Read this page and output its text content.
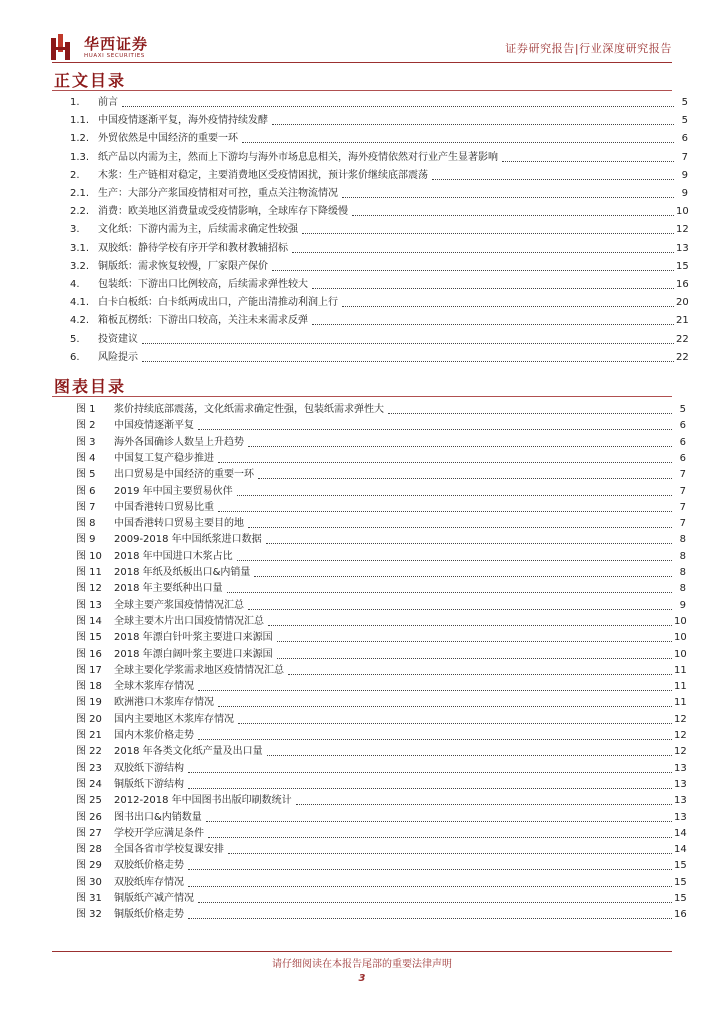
华西证券
HUAXI SECURITIES
证券研究报告|行业深度研究报告
正文目录
1.	前言	5
1.1. 中国疫情逐渐平复，海外疫情持续发酵	5
1.2. 外贸依然是中国经济的重要一环	6
1.3. 纸产品以内需为主，然而上下游均与海外市场息息相关，海外疫情依然对行业产生显著影响	7
2.	木浆：生产链相对稳定，主要消费地区受疫情困扰，预计浆价继续底部震荡	9
2.1. 生产：大部分产浆国疫情相对可控，重点关注物流情况	9
2.2. 消费：欧美地区消费量或受疫情影响，全球库存下降缓慢	10
3.	文化纸：下游内需为主，后续需求确定性较强	12
3.1. 双胶纸：静待学校有序开学和教材教辅招标	13
3.2. 铜版纸：需求恢复较慢，厂家限产保价	15
4.	包装纸：下游出口比例较高，后续需求弹性较大	16
4.1. 白卡白板纸：白卡纸两成出口，产能出清推动利润上行	20
4.2. 箱板瓦楞纸：下游出口较高，关注未来需求反弹	21
5.	投资建议	22
6.	风险提示	22
图表目录
图 1	浆价持续底部震荡，文化纸需求确定性强，包装纸需求弹性大	5
图 2	中国疫情逐渐平复	6
图 3	海外各国确诊人数呈上升趋势	6
图 4	中国复工复产稳步推进	6
图 5	出口贸易是中国经济的重要一环	7
图 6	2019 年中国主要贸易伙伴	7
图 7	中国香港转口贸易比重	7
图 8	中国香港转口贸易主要目的地	7
图 9	2009-2018 年中国纸浆进口数据	8
图 10	2018 年中国进口木浆占比	8
图 11	2018 年纸及纸板出口&内销量	8
图 12	2018 年主要纸种出口量	8
图 13	全球主要产浆国疫情情况汇总	9
图 14	全球主要木片出口国疫情情况汇总	10
图 15	2018 年漂白针叶浆主要进口来源国	10
图 16	2018 年漂白阔叶浆主要进口来源国	10
图 17	全球主要化学浆需求地区疫情情况汇总	11
图 18	全球木浆库存情况	11
图 19	欧洲港口木浆库存情况	11
图 20	国内主要地区木浆库存情况	12
图 21	国内木浆价格走势	12
图 22	2018 年各类文化纸产量及出口量	12
图 23	双胶纸下游结构	13
图 24	铜版纸下游结构	13
图 25	2012-2018 年中国图书出版印刷数统计	13
图 26	图书出口&内销数量	13
图 27	学校开学应满足条件	14
图 28	全国各省市学校复课安排	14
图 29	双胶纸价格走势	15
图 30	双胶纸库存情况	15
图 31	铜版纸产减产情况	15
图 32	铜版纸价格走势	16
请仔细阅读在本报告尾部的重要法律声明
3
